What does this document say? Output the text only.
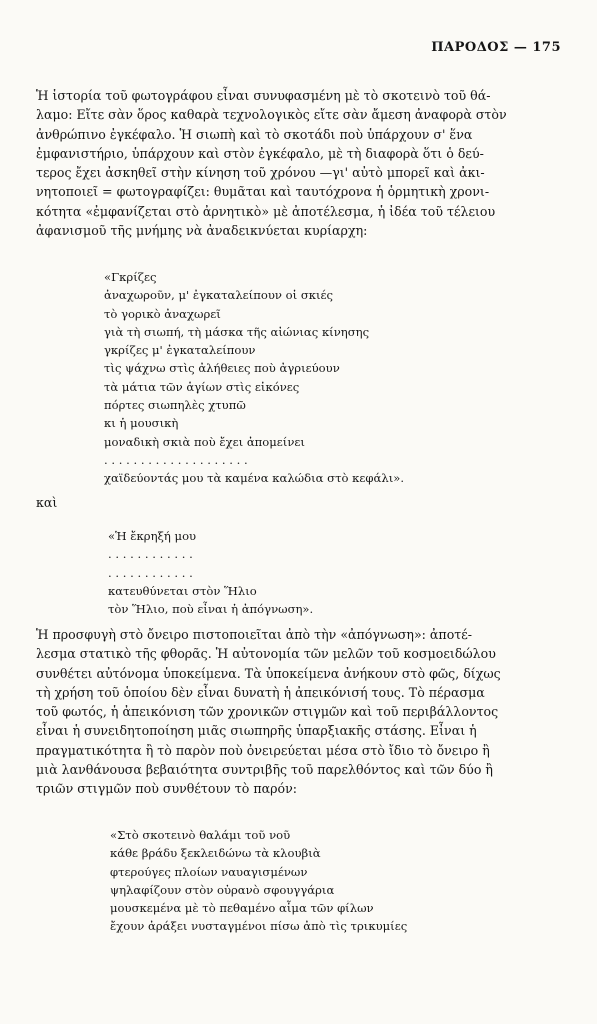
ΠΑΡΟΔΟΣ — 175

Ἡ ἱστορία τοῦ φωτογράφου εἶναι συνυφασμένη μὲ τὸ σκοτεινὸ τοῦ θά-
λαμο: Εἴτε σὰν ὅρος καθαρὰ τεχνολογικὸς εἴτε σὰν ἄμεση ἀναφορὰ στὸν
ἀνθρώπινο ἐγκέφαλο. Ἡ σιωπὴ καὶ τὸ σκοτάδι ποὺ ὑπάρχουν σ' ἕνα
ἐμφανιστήριο, ὑπάρχουν καὶ στὸν ἐγκέφαλο, μὲ τὴ διαφορὰ ὅτι ὁ δεύ-
τερος ἔχει ἀσκηθεῖ στὴν κίνηση τοῦ χρόνου —γι' αὐτὸ μπορεῖ καὶ ἀκι-
νητοποιεῖ = φωτογραφίζει: θυμᾶται καὶ ταυτόχρονα ἡ ὁρμητικὴ χρονι-
κότητα «ἐμφανίζεται στὸ ἀρνητικὸ» μὲ ἀποτέλεσμα, ἡ ἰδέα τοῦ τέλειου
ἀφανισμοῦ τῆς μνήμης νὰ ἀναδεικνύεται κυρίαρχη:

«Γκρίζες
ἀναχωροῦν, μ' ἐγκαταλείπουν οἱ σκιές
τὸ γορικὸ ἀναχωρεῖ
γιὰ τὴ σιωπή, τὴ μάσκα τῆς αἰώνιας κίνησης
γκρίζες μ' ἐγκαταλείπουν
τὶς ψάχνω στὶς ἀλήθειες ποὺ ἀγριεύουν
τὰ μάτια τῶν ἁγίων στὶς εἰκόνες
πόρτες σιωπηλὲς χτυπῶ
κι ἡ μουσικὴ
μοναδικὴ σκιὰ ποὺ ἔχει ἀπομείνει
. . . . . . . . . . . . . . . . . . . .
χαϊδεύοντάς μου τὰ καμένα καλώδια στὸ κεφάλι».
καὶ
«Ἡ ἔκρηξή μου
. . . . . . . . . . . .
. . . . . . . . . . . .
κατευθύνεται στὸν Ἥλιο
τὸν Ἥλιο, ποὺ εἶναι ἡ ἀπόγνωση».

Ἡ προσφυγὴ στὸ ὄνειρο πιστοποιεῖται ἀπὸ τὴν «ἀπόγνωση»: ἀποτέ-
λεσμα στατικὸ τῆς φθορᾶς. Ἡ αὐτονομία τῶν μελῶν τοῦ κοσμοειδώλου
συνθέτει αὐτόνομα ὑποκείμενα. Τὰ ὑποκείμενα ἀνήκουν στὸ φῶς, δίχως
τὴ χρήση τοῦ ὁποίου δὲν εἶναι δυνατὴ ἡ ἀπεικόνισή τους. Τὸ πέρασμα
τοῦ φωτός, ἡ ἀπεικόνιση τῶν χρονικῶν στιγμῶν καὶ τοῦ περιβάλλοντος
εἶναι ἡ συνειδητοποίηση μιᾶς σιωπηρῆς ὑπαρξιακῆς στάσης. Εἶναι ἡ
πραγματικότητα ἢ τὸ παρὸν ποὺ ὀνειρεύεται μέσα στὸ ἴδιο τὸ ὄνειρο ἢ
μιὰ λανθάνουσα βεβαιότητα συντριβῆς τοῦ παρελθόντος καὶ τῶν δύο ἢ
τριῶν στιγμῶν ποὺ συνθέτουν τὸ παρόν:

«Στὸ σκοτεινὸ θαλάμι τοῦ νοῦ
κάθε βράδυ ξεκλειδώνω τὰ κλουβιὰ
φτερούγες πλοίων ναυαγισμένων
ψηλαφίζουν στὸν οὐρανὸ σφουγγάρια
μουσκεμένα μὲ τὸ πεθαμένο αἷμα τῶν φίλων
ἔχουν ἀράξει νυσταγμένοι πίσω ἀπὸ τὶς τρικυμίες
